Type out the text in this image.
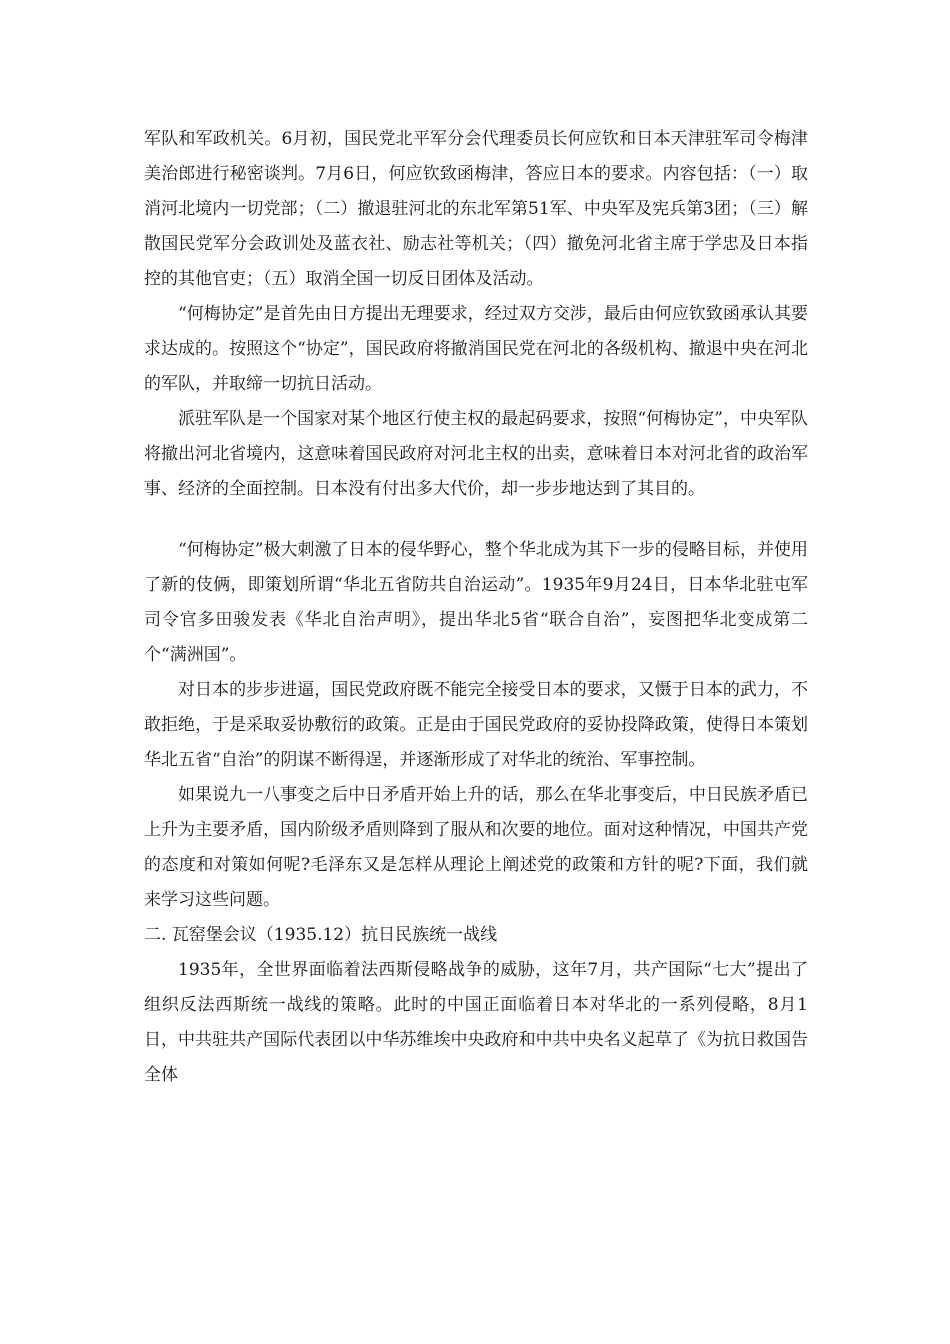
军队和军政机关。6月初，国民党北平军分会代理委员长何应钦和日本天津驻军司令梅津美治郎进行秘密谈判。7月6日，何应钦致函梅津，答应日本的要求。内容包括：（一）取消河北境内一切党部；（二）撤退驻河北的东北军第51军、中央军及宪兵第3团；（三）解散国民党军分会政训处及蓝衣社、励志社等机关；（四）撤免河北省主席于学忠及日本指控的其他官吏；（五）取消全国一切反日团体及活动。

“何梅协定”是首先由日方提出无理要求，经过双方交涉，最后由何应钦致函承认其要求达成的。按照这个“协定”，国民政府将撤消国民党在河北的各级机构、撤退中央在河北的军队，并取缔一切抗日活动。

派驻军队是一个国家对某个地区行使主权的最起码要求，按照“何梅协定”，中央军队将撤出河北省境内，这意味着国民政府对河北主权的出卖，意味着日本对河北省的政治军事、经济的全面控制。日本没有付出多大代价，却一步步地达到了其目的。

“何梅协定”极大刺激了日本的侵华野心，整个华北成为其下一步的侵略目标，并使用了新的伎俩，即策划所谓“华北五省防共自治运动”。1935年9月24日，日本华北驻屯军司令官多田骏发表《华北自治声明》，提出华北5省“联合自治”，妄图把华北变成第二个“满洲国”。

对日本的步步进逼，国民党政府既不能完全接受日本的要求，又慑于日本的武力，不敢拒绝，于是采取妥协敷衍的政策。正是由于国民党政府的妥协投降政策，使得日本策划华北五省“自治”的阴谋不断得逞，并逐渐形成了对华北的统治、军事控制。

如果说九一八事变之后中日矛盾开始上升的话，那么在华北事变后，中日民族矛盾已上升为主要矛盾，国内阶级矛盾则降到了服从和次要的地位。面对这种情况，中国共产党的态度和对策如何呢?毛泽东又是怎样从理论上阐述党的政策和方针的呢?下面，我们就来学习这些问题。

二. 瓦窑堡会议（1935.12）抗日民族统一战线

1935年，全世界面临着法西斯侵略战争的威胁，这年7月，共产国际“七大”提出了组织反法西斯统一战线的策略。此时的中国正面临着日本对华北的一系列侵略，8月1日，中共驻共产国际代表团以中华苏维埃中央政府和中共中央名义起草了《为抗日救国告全体
